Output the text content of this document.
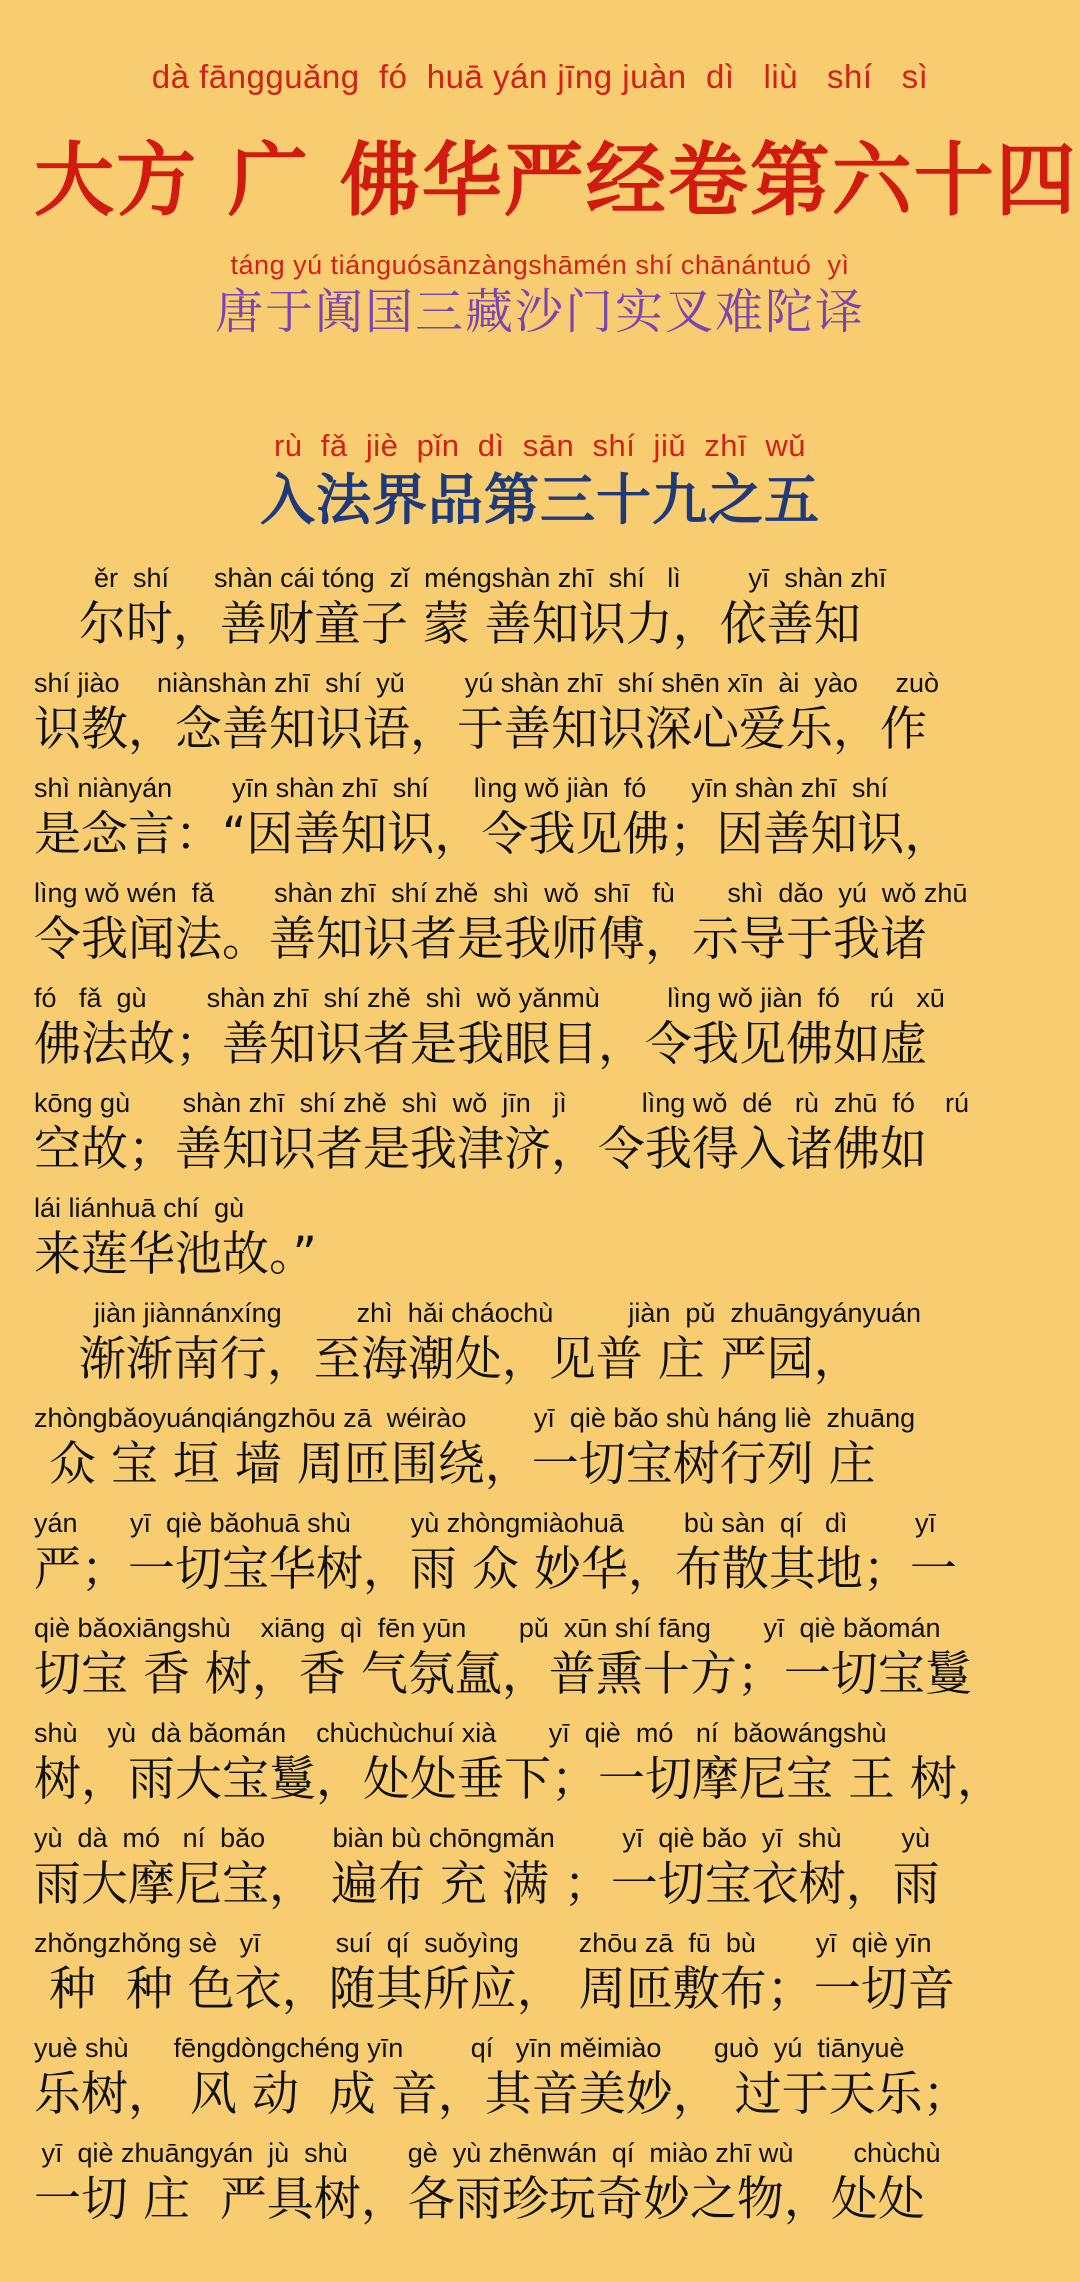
dà fāngguǎng  fó  huā yán jīng juàn  dì   liù   shí   sì
大方 广 佛华严经卷第六十四
táng yú tiánguósānzàngshāmén shí chānántuó  yì
唐于阗国三藏沙门实叉难陀译
rù  fǎ  jiè  pǐn  dì  sān  shí  jiǔ  zhī  wǔ
入法界品第三十九之五
ěr  shí      shàn cái tóng  zǐ  méngshàn zhī  shí   lì         yī  shàn zhī
尔时，善财童子 蒙 善知识力，依善知
shí jiào     niànshàn zhī  shí  yǔ        yú shàn zhī  shí shēn xīn  ài  yào     zuò
识教，念善知识语，于善知识深心爱乐，作
shì niànyán        yīn shàn zhī  shí      lìng wǒ jiàn  fó      yīn shàn zhī  shí
是念言：“因善知识，令我见佛；因善知识，
lìng wǒ wén  fǎ        shàn zhī  shí zhě  shì  wǒ  shī   fù       shì  dǎo  yú  wǒ zhū
令我闻法。善知识者是我师傅，示导于我诸
fó   fǎ  gù        shàn zhī  shí zhě  shì  wǒ yǎnmù         lìng wǒ jiàn  fó    rú   xū
佛法故；善知识者是我眼目，令我见佛如虚
kōng gù       shàn zhī  shí zhě  shì  wǒ  jīn   jì          lìng wǒ  dé   rù  zhū  fó    rú
空故；善知识者是我津济，令我得入诸佛如
lái liánhuā chí  gù
来莲华池故。”
jiàn jiànnánxíng          zhì  hǎi cháochù          jiàn  pǔ  zhuāngyányuán
渐渐南行，至海潮处，见普 庄 严园，
zhòngbǎoyuánqiángzhōu zā  wéirào         yī  qiè bǎo shù háng liè  zhuāng
众 宝 垣 墙 周匝围绕，一切宝树行列 庄
yán       yī  qiè bǎohuā shù        yù zhòngmiàohuā        bù sàn  qí   dì         yī
严；一切宝华树，雨 众 妙华，布散其地；一
qiè bǎoxiāngshù    xiāng  qì  fēn yūn       pǔ  xūn shí fāng       yī  qiè bǎomán
切宝 香 树，香 气氛氲，普熏十方；一切宝鬘
shù    yù  dà bǎomán    chùchùchuí xià       yī  qiè  mó   ní  bǎowángshù
树，雨大宝鬘，处处垂下；一切摩尼宝 王 树，
yù  dà  mó   ní  bǎo         biàn bù chōngmǎn         yī  qiè bǎo  yī  shù        yù
雨大摩尼宝， 遍布 充 满 ；一切宝衣树，雨
zhǒngzhǒng sè   yī          suí  qí  suǒyìng        zhōu zā  fū  bù        yī  qiè yīn
种  种 色衣，随其所应， 周匝敷布；一切音
yuè shù      fēngdòngchéng yīn         qí   yīn měimiào       guò  yú  tiānyuè
乐树， 风 动  成 音，其音美妙， 过于天乐；
yī  qiè zhuāngyán  jù  shù        gè  yù zhēnwán  qí  miào zhī wù        chùchù
一切 庄  严具树，各雨珍玩奇妙之物，处处
